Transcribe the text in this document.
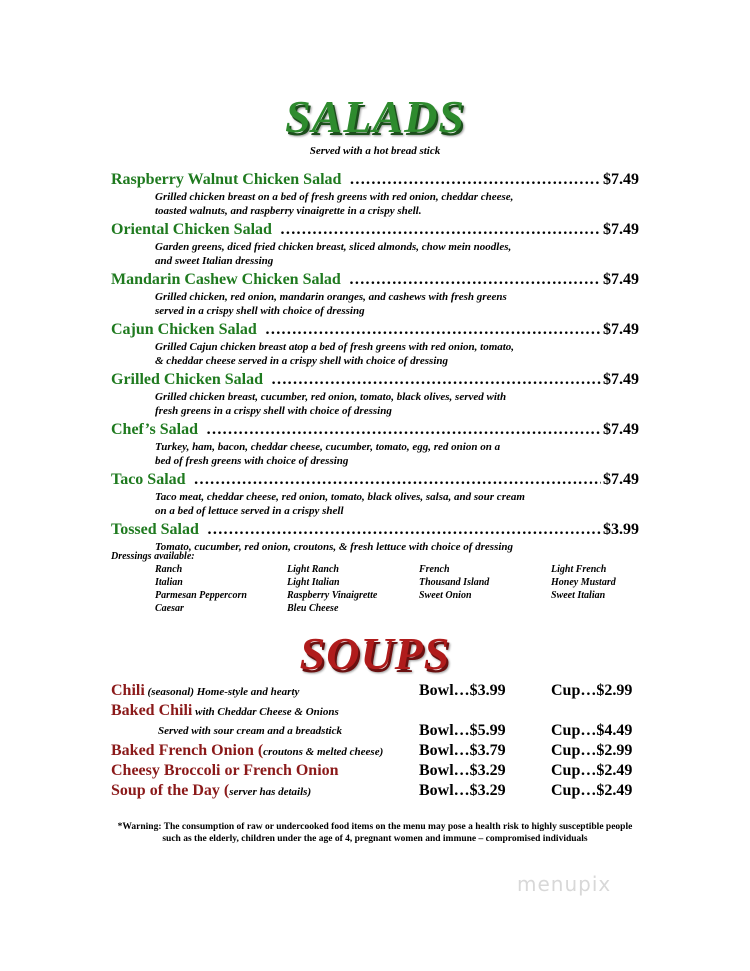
SALADS
Served with a hot bread stick
Raspberry Walnut Chicken Salad …………………………………………………………………………………………………………………………	$7.49
Grilled chicken breast on a bed of fresh greens with red onion, cheddar cheese,
toasted walnuts, and raspberry vinaigrette in a crispy shell.
Oriental Chicken Salad …………………………………………………………………………………………………………………………	$7.49
Garden greens, diced fried chicken breast, sliced almonds, chow mein noodles,
and sweet Italian dressing
Mandarin Cashew Chicken Salad …………………………………………………………………………………………………………………………	$7.49
Grilled chicken, red onion, mandarin oranges, and cashews with fresh greens
served in a crispy shell with choice of dressing
Cajun Chicken Salad …………………………………………………………………………………………………………………………	$7.49
Grilled Cajun chicken breast atop a bed of fresh greens with red onion, tomato,
& cheddar cheese served in a crispy shell with choice of dressing
Grilled Chicken Salad …………………………………………………………………………………………………………………………	$7.49
Grilled chicken breast, cucumber, red onion, tomato, black olives, served with
fresh greens in a crispy shell with choice of dressing
Chef’s Salad …………………………………………………………………………………………………………………………	$7.49
Turkey, ham, bacon, cheddar cheese, cucumber, tomato, egg, red onion on a
bed of fresh greens with choice of dressing
Taco Salad …………………………………………………………………………………………………………………………	$7.49
Taco meat, cheddar cheese, red onion, tomato, black olives, salsa, and sour cream
on a bed of lettuce served in a crispy shell
Tossed Salad …………………………………………………………………………………………………………………………	$3.99
Tomato, cucumber, red onion, croutons, & fresh lettuce with choice of dressing
Dressings available:
Ranch	Light Ranch	French	Light French
Italian	Light Italian	Thousand Island	Honey Mustard
Parmesan Peppercorn	Raspberry Vinaigrette	Sweet Onion	Sweet Italian
Caesar	Bleu Cheese
SOUPS
Chili (seasonal) Home-style and hearty	Bowl…$3.99	Cup…$2.99
Baked Chili with Cheddar Cheese & Onions
Served with sour cream and a breadstick	Bowl…$5.99	Cup…$4.49
Baked French Onion (croutons & melted cheese) Bowl…$3.79	Cup…$2.99
Cheesy Broccoli or French Onion	Bowl…$3.29	Cup…$2.49
Soup of the Day (server has details)	Bowl…$3.29	Cup…$2.49
*Warning: The consumption of raw or undercooked food items on the menu may pose a health risk to highly susceptible people such as the elderly, children under the age of 4, pregnant women and immune – compromised individuals
menupix
